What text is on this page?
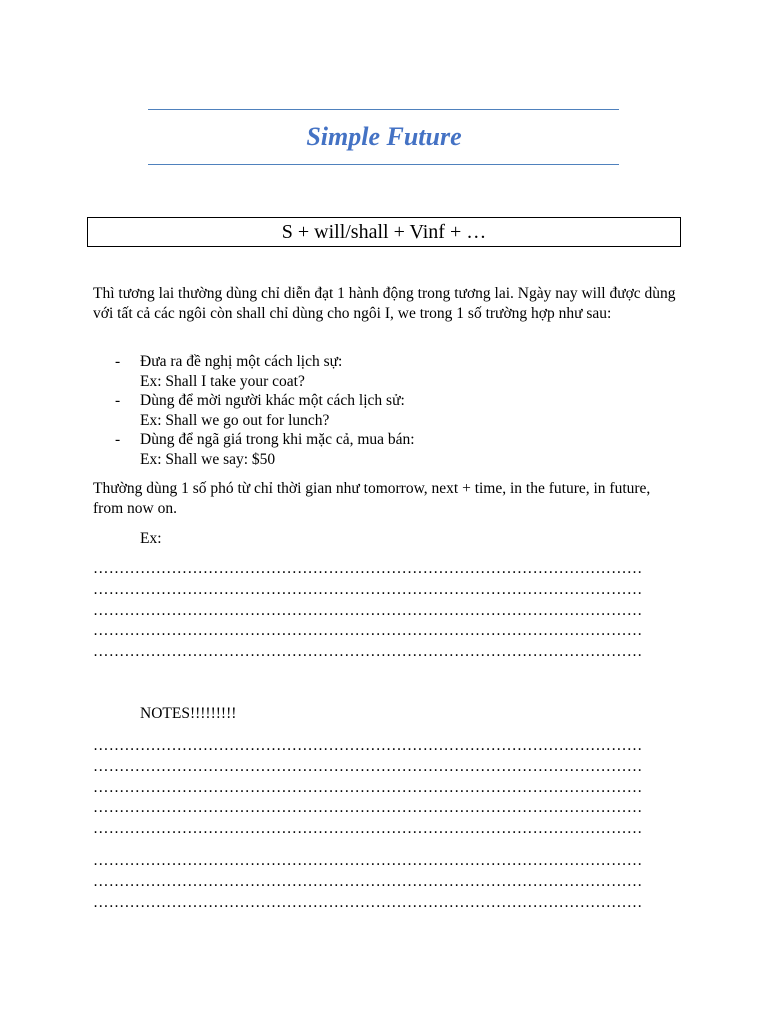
Simple Future
S + will/shall + Vinf + …
Thì tương lai thường dùng chỉ diễn đạt 1 hành động trong tương lai. Ngày nay will được dùng với tất cả các ngôi còn shall chỉ dùng cho ngôi I, we trong 1 số trường hợp như sau:
- Đưa ra đề nghị một cách lịch sự:
Ex: Shall I take your coat?
- Dùng để mời người khác một cách lịch sử:
Ex: Shall we go out for lunch?
- Dùng để ngã giá trong khi mặc cả, mua bán:
Ex: Shall we say: $50
Thường dùng 1 số phó từ chỉ thời gian như tomorrow, next + time, in the future, in future, from now on.
Ex:
……………………………………………………………………………………………
……………………………………………………………………………………………
……………………………………………………………………………………………
……………………………………………………………………………………………
……………………………………………………………………………………………
NOTES!!!!!!!!!
……………………………………………………………………………………………
……………………………………………………………………………………………
……………………………………………………………………………………………
……………………………………………………………………………………………
……………………………………………………………………………………………
……………………………………………………………………………………………
……………………………………………………………………………………………
……………………………………………………………………………………………
